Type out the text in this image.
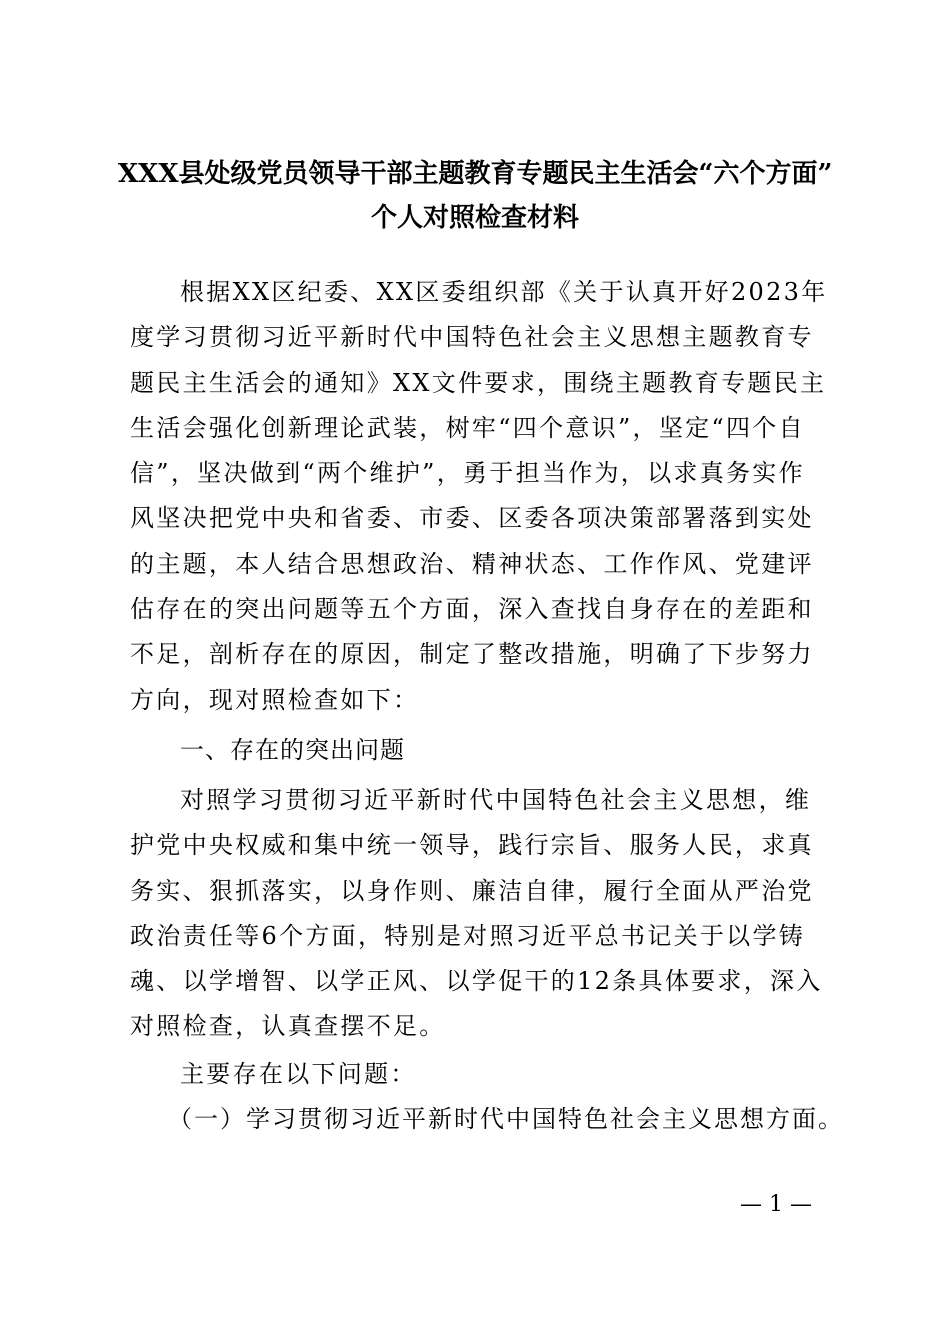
XXX县处级党员领导干部主题教育专题民主生活会“六个方面”
个人对照检查材料

根据XX区纪委、XX区委组织部《关于认真开好2023年度学习贯彻习近平新时代中国特色社会主义思想主题教育专题民主生活会的通知》XX文件要求，围绕主题教育专题民主生活会强化创新理论武装，树牢“四个意识”，坚定“四个自信”，坚决做到“两个维护”，勇于担当作为，以求真务实作风坚决把党中央和省委、市委、区委各项决策部署落到实处的主题，本人结合思想政治、精神状态、工作作风、党建评估存在的突出问题等五个方面，深入查找自身存在的差距和不足，剖析存在的原因，制定了整改措施，明确了下步努力方向，现对照检查如下：

一、存在的突出问题

对照学习贯彻习近平新时代中国特色社会主义思想，维护党中央权威和集中统一领导，践行宗旨、服务人民，求真务实、狠抓落实，以身作则、廉洁自律，履行全面从严治党政治责任等6个方面，特别是对照习近平总书记关于以学铸魂、以学增智、以学正风、以学促干的12条具体要求，深入对照检查，认真查摆不足。

主要存在以下问题：
（一）学习贯彻习近平新时代中国特色社会主义思想方面。
— 1 —
